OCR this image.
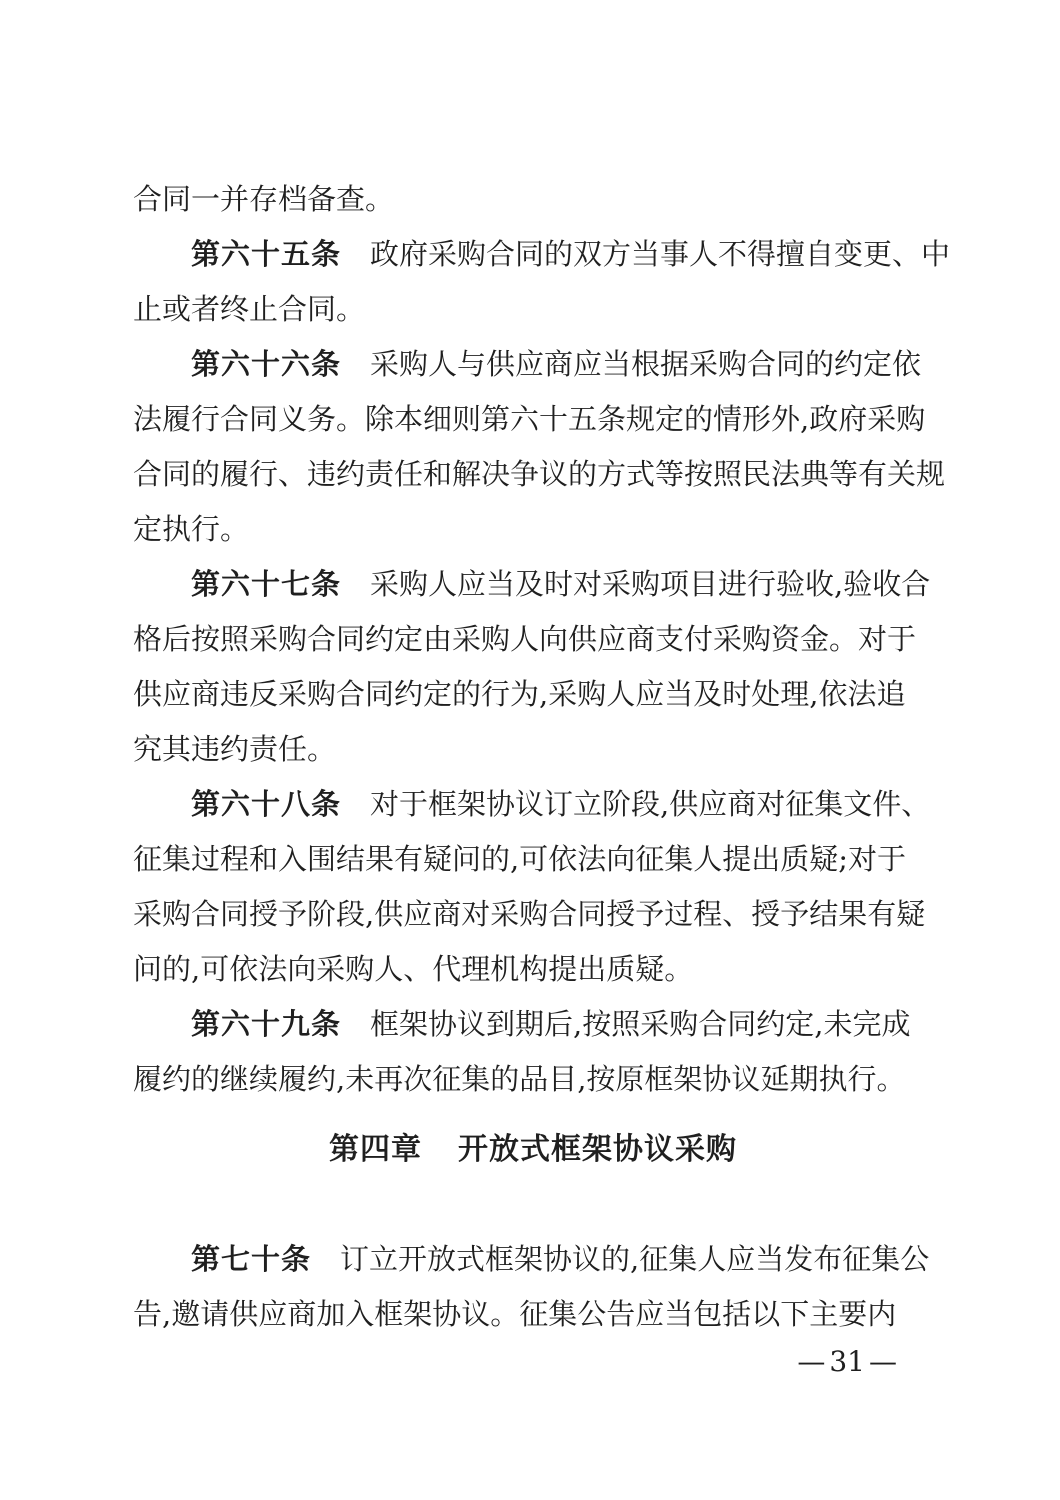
合同一并存档备查。
第六十五条 政府采购合同的双方当事人不得擅自变更、中
止或者终止合同。
第六十六条 采购人与供应商应当根据采购合同的约定依
法履行合同义务。除本细则第六十五条规定的情形外,政府采购
合同的履行、违约责任和解决争议的方式等按照民法典等有关规
定执行。
第六十七条 采购人应当及时对采购项目进行验收,验收合
格后按照采购合同约定由采购人向供应商支付采购资金。对于
供应商违反采购合同约定的行为,采购人应当及时处理,依法追
究其违约责任。
第六十八条 对于框架协议订立阶段,供应商对征集文件、
征集过程和入围结果有疑问的,可依法向征集人提出质疑;对于
采购合同授予阶段,供应商对采购合同授予过程、授予结果有疑
问的,可依法向采购人、代理机构提出质疑。
第六十九条 框架协议到期后,按照采购合同约定,未完成
履约的继续履约,未再次征集的品目,按原框架协议延期执行。
第四章 开放式框架协议采购
第七十条 订立开放式框架协议的,征集人应当发布征集公
告,邀请供应商加入框架协议。征集公告应当包括以下主要内
— 31 —
